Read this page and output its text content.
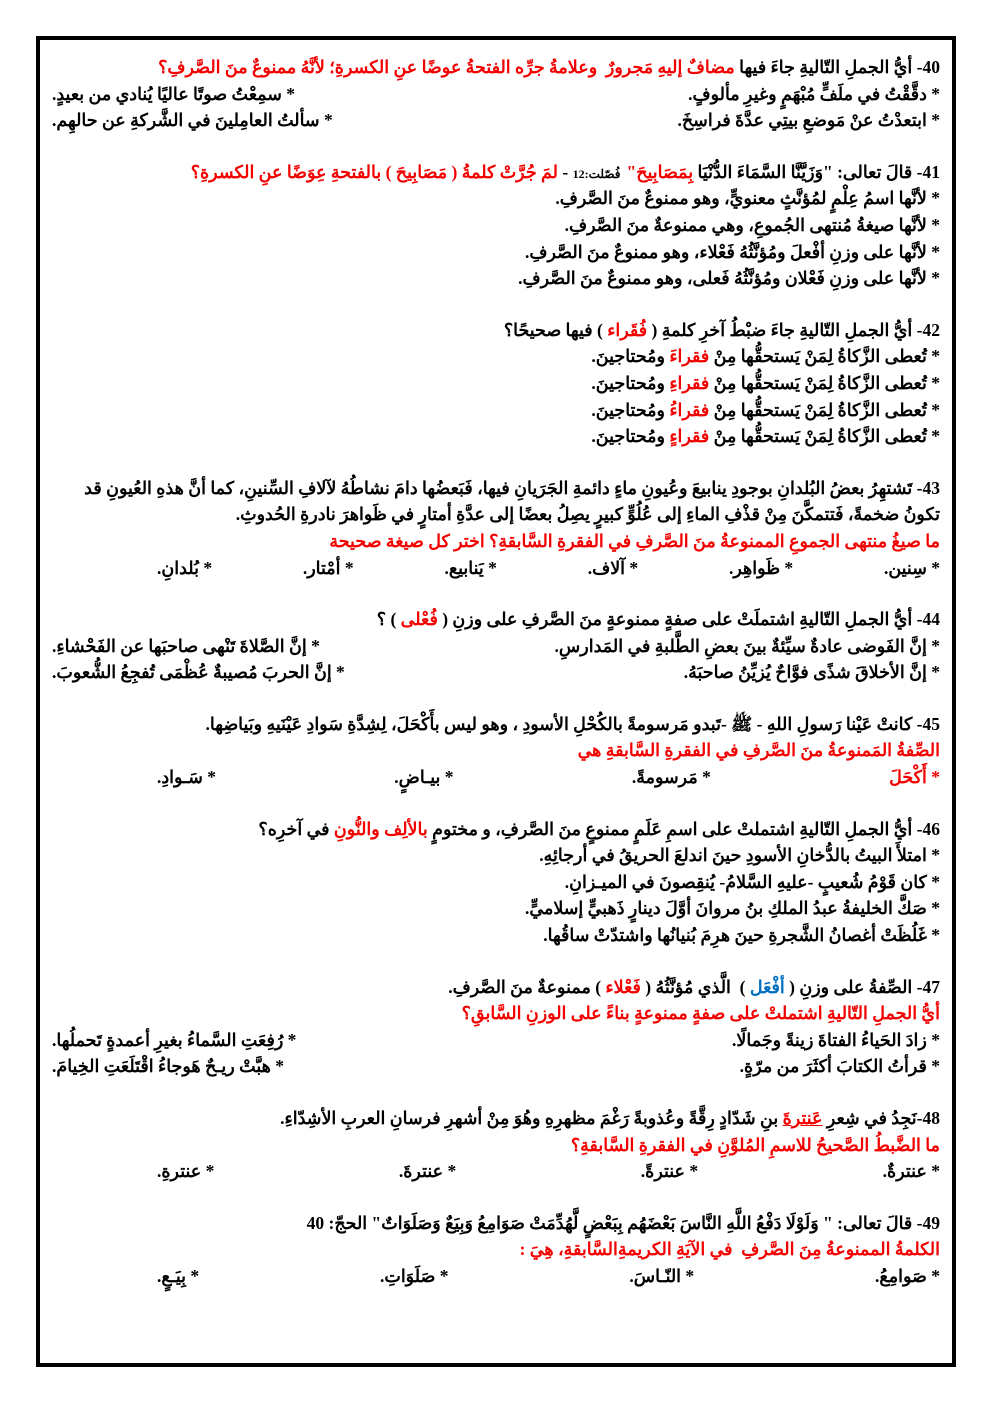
40- أيُّ الجملِ التّاليةِ جاءَ فيها مضافٌ إليهِ مَجرورٌ  وعلامةُ جرِّه الفتحةُ عوضًا عنِ الكسرةِ؛ لأنَّهُ ممنوعٌ منَ الصَّرفِ؟
* دقَّقْتُ في ملَفٍّ مُبْهَمٍ وغيرِ مألوفٍ.
* سمِعْتُ صوتًا عاليًا يُنادي من بعيدٍ.
* ابتعدْتُ عنْ مَوضعِ بيتِي عدَّةَ فراسِخَ.
* سألتُ العامِلينَ في الشَّركةِ عن حالهِم.
41- قالَ تعالى: "وَزَيَّنَّا السَّمَاءَ الدُّنْيَا بِمَصَابِيحَ"  فُصّلت:12 - لمَ جُرَّتْ كلمةُ ( مَصَابِيحَ ) بالفتحةِ عِوَضًا عنِ الكسرةِ؟
* لأنَّها اسمُ عِلْمٍ لمُؤنَّثٍ معنويٍّ، وهو ممنوعٌ منَ الصَّرفِ.
* لأنَّها صيغةُ مُنتهى الجُموعِ، وهي ممنوعةٌ منَ الصَّرفِ.
* لأنَّها على وزنِ أفْعلَ ومُؤنَّثُهُ فَعْلاء، وهو ممنوعٌ منَ الصَّرفِ.
* لأنَّها على وزنِ فَعْلان ومُؤنَّثُهُ فَعلى، وهو ممنوعٌ منَ الصَّرفِ.
42- أيُّ الجملِ التّاليةِ جاءَ ضبْطُ آخرِ كلمةِ ( فُقَراء ) فيها صحيحًا؟
* تُعطى الزَّكاةُ لِمَنْ يَستحقُّها مِنْ فقراءَ ومُحتاجينَ.
* تُعطى الزَّكاةُ لِمَنْ يَستحقُّها مِنْ فقراءِ ومُحتاجينَ.
* تُعطى الزَّكاةُ لِمَنْ يَستحقُّها مِنْ فقراءُ ومُحتاجينَ.
* تُعطى الزَّكاةُ لِمَنْ يَستحقُّها مِنْ فقراءٍ ومُحتاجينَ.
43- تَشتهِرُ بعضُ البُلدانِ بوجودِ ينابيعَ وعُيونِ ماءٍ دائمةِ الجَرَيانِ فيها، فَبَعضُها دامَ نشاطُهُ لآلافِ السِّنينِ، كما أنَّ هذهِ العُيونِ قد تكونُ ضخمةً، فَتتمكَّنَ مِنْ قذْفِ الماءِ إلى عُلُوٍّ كبيرٍ يصِلُ بعضًا إلى عدَّةِ أمتارٍ في ظَواهرَ نادرةِ الحُدوثِ.
ما صيغُ منتهى الجموعِ الممنوعةُ منَ الصَّرفِ في الفقرةِ السَّابقةِ؟ اختر كل صيغة صحيحة
* سِنين.
* ظَواهِر.
* آلاف.
* يَنابيع.
* أمْتار.
* بُلدانِ.
44- أيُّ الجملِ التّاليةِ اشتملَتْ على صفةٍ ممنوعةٍ منَ الصَّرفِ على وزنِ ( فُعْلى ) ؟
* إنَّ الفَوضى عادةٌ سيِّئةٌ بينَ بعضِ الطَّلبةِ في المَدارسِ.
* إنَّ الصَّلاةَ تَنْهى صاحبَها عن الفَحْشاءِ.
* إنَّ الأخلاقَ شذًى فوَّاحٌ يُزيِّنُ صاحبَهُ.
* إنَّ الحربَ مُصيبةٌ عُظْمَى تُفجِعُ الشُّعوبَ.
45- كانتْ عَيْنا رَسولِ اللهِ - ﷺ -تَبدو مَرسومةً بالكُحْلِ الأسودِ ، وهو ليس بأَكْحَلَ، لِشِدَّةِ سَوادِ عَيْنَيهِ وبَياضِها.
الصِّفةُ المَمنوعةُ منَ الصَّرفِ في الفقرةِ السَّابقةِ هي
* أَكْحَلَ
* مَرسومةً.
* بيـاضٍ.
* سَـوادِ.
46- أيُّ الجملِ التّاليةِ اشتملتْ على اسمِ عَلَمٍ ممنوعٍ منَ الصَّرفِ، و مختومٍ بالألِف والنُّونِ في آخرِه؟
* امتلأَ البيتُ بالدُّخانِ الأسودِ حينَ اندلعَ الحريقُ في أرجائِهِ.
* كان قَوْمُ شُعيبٍ -عليهِ السَّلامُ- يُنقِصونَ في الميـزانِ.
* صَكَّ الخليفةُ عبدُ الملكِ بنُ مروانَ أوَّلَ دينارٍ ذَهبيٍّ إسلاميٍّ.
* غَلُظَتْ أغصانُ الشَّجرةِ حينَ هرِمَ بُنيانُها واشتدّتْ ساقُها.
47- الصِّفةُ على وزنِ ( أفْعَل )  الَّذي مُؤنَّثُهُ ( فَعْلاء ) ممنوعةٌ منَ الصَّرفِ.
أيُّ الجملِ التّاليةِ اشتملتْ على صفةٍ ممنوعةٍ بناءً على الوزنِ السَّابقِ؟
* زادَ الحَياءُ الفتاةَ زينةً وجَمالًا.
* رُفِعَتِ السَّماءُ بغيرِ أعمدةٍ تَحملُها.
* قرأتُ الكتابَ أكثَرَ من مرّةٍ.
* هبَّتْ ريـحٌ هَوجاءُ اقْتَلَعَتِ الخِيامَ.
48-نَجِدُ في شِعرِ عَنترةَ بنِ شَدّادٍ رِقَّةً وعُذوبةً رَغْمَ مظهرِهِ وهُوَ مِنْ أشهرِ فرسانِ العربِ الأشِدّاءِ.
ما الضَّبطُ الصَّحيحُ للاسمِ المُلوَّنِ في الفقرةِ السَّابقةِ؟
* عنترةٌ.
* عنترةً.
* عنترةَ.
* عنترةِ.
49- قالَ تعالى: " وَلَوْلَا دَفْعُ اللَّهِ النَّاسَ بَعْضَهُم بِبَعْضٍ لَّهُدِّمَتْ صَوَامِعُ وَبِيَعٌ وَصَلَوَاتٌ" الحجّ: 40
الكلمةُ الممنوعةُ مِنَ الصَّرفِ  في الآيَةِ الكريمةِالسَّابقةِ، هِيَ :
* صَوامِعُ.
* النّـاسَ.
* صَلَوَاتِ.
* بِيَـعٍ.
